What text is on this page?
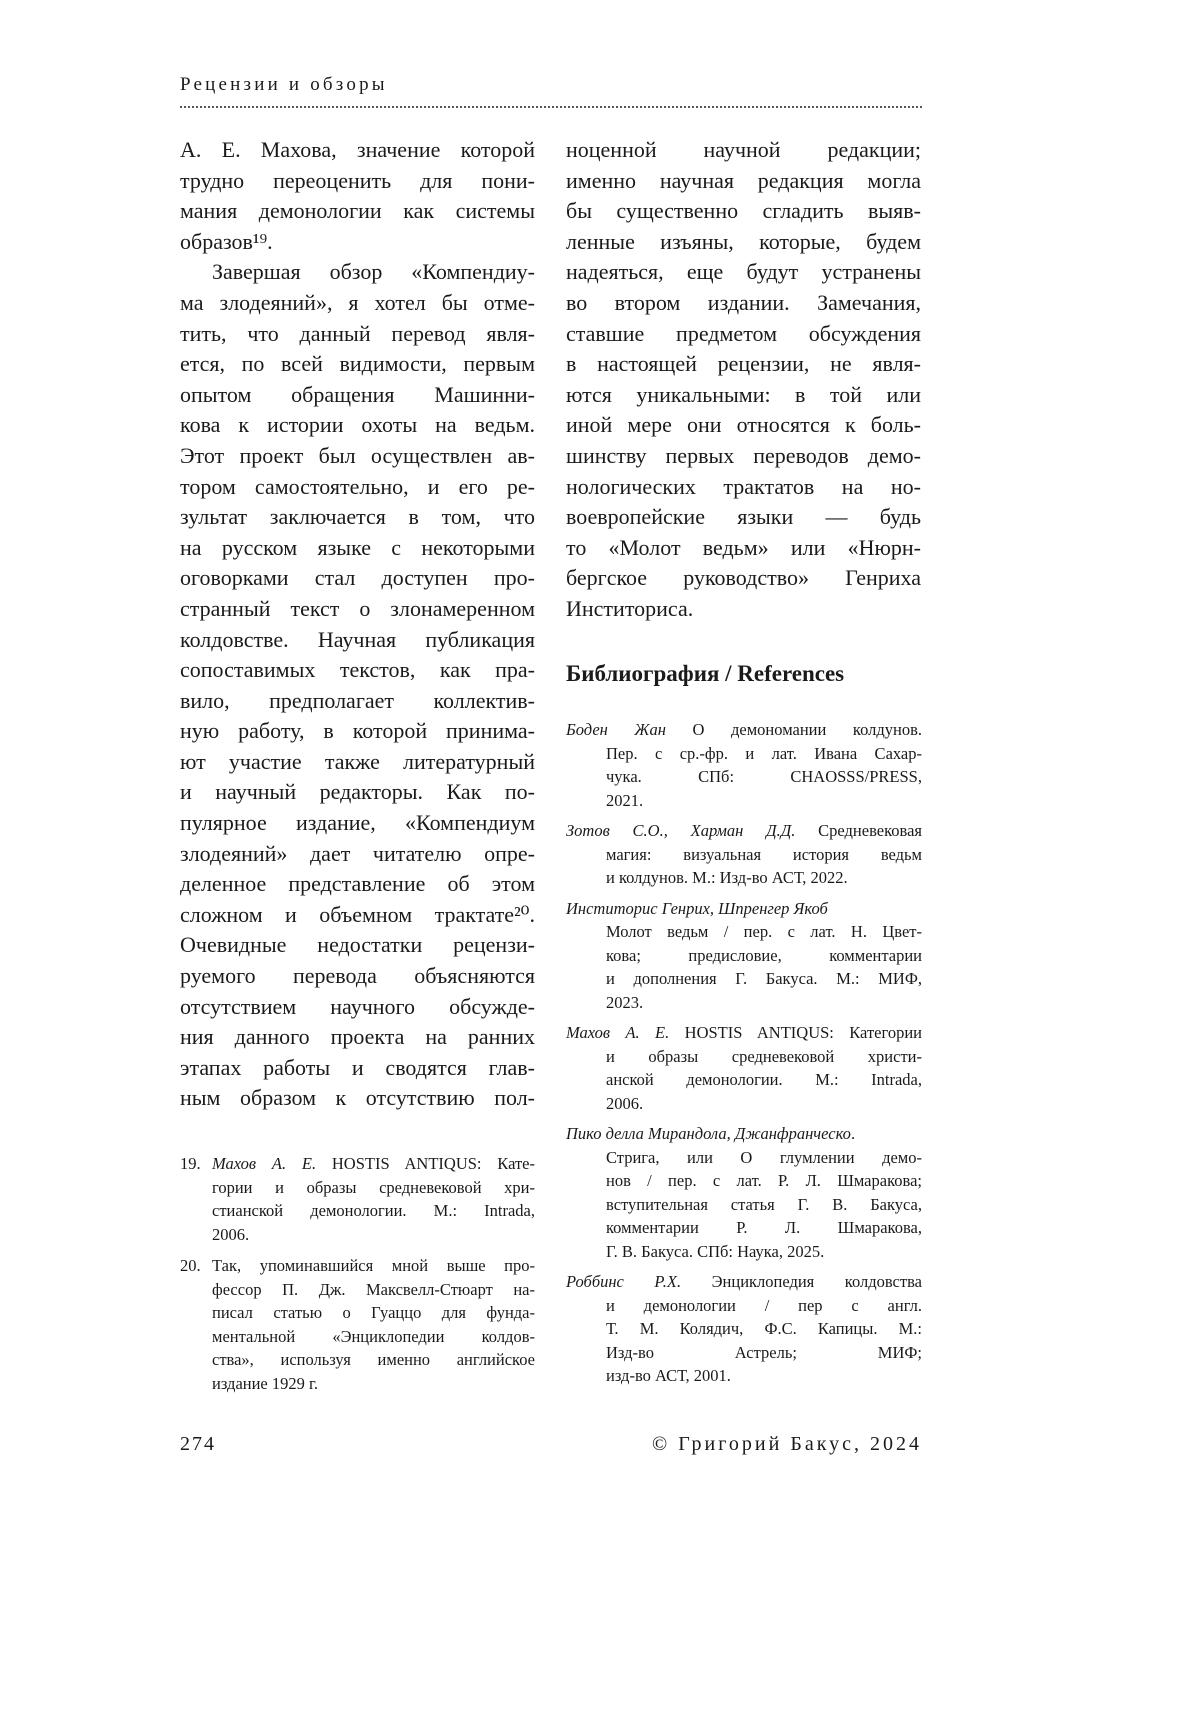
Рецензии и обзоры
А. Е. Махова, значение которой
трудно переоценить для пони-
мания демонологии как системы
образов¹⁹.
Завершая обзор «Компендиу-
ма злодеяний», я хотел бы отме-
тить, что данный перевод явля-
ется, по всей видимости, первым
опытом обращения Машинни-
кова к истории охоты на ведьм.
Этот проект был осуществлен ав-
тором самостоятельно, и его ре-
зультат заключается в том, что
на русском языке с некоторыми
оговорками стал доступен про-
странный текст о злонамеренном
колдовстве. Научная публикация
сопоставимых текстов, как пра-
вило, предполагает коллектив-
ную работу, в которой принима-
ют участие также литературный
и научный редакторы. Как по-
пулярное издание, «Компендиум
злодеяний» дает читателю опре-
деленное представление об этом
сложном и объемном трактате²⁰.
Очевидные недостатки рецензи-
руемого перевода объясняются
отсутствием научного обсужде-
ния данного проекта на ранних
этапах работы и сводятся глав-
ным образом к отсутствию пол-
ноценной научной редакции;
именно научная редакция могла
бы существенно сгладить выяв-
ленные изъяны, которые, будем
надеяться, еще будут устранены
во втором издании. Замечания,
ставшие предметом обсуждения
в настоящей рецензии, не явля-
ются уникальными: в той или
иной мере они относятся к боль-
шинству первых переводов демо-
нологических трактатов на но-
воевропейские языки — будь
то «Молот ведьм» или «Нюрн-
бергское руководство» Генриха
Инститориса.
Библиография / References
Боден Жан О демономании колдунов.
Пер. с ср.-фр. и лат. Ивана Сахар-
чука. СПб: CHAOSSS/PRESS,
2021.
Зотов С.О., Харман Д.Д. Средневековая
магия: визуальная история ведьм
и колдунов. М.: Изд-во АСТ, 2022.
Инститорис Генрих, Шпренгер Якоб
Молот ведьм / пер. с лат. Н. Цвет-
кова; предисловие, комментарии
и дополнения Г. Бакуса. М.: МИФ,
2023.
Махов А. Е. HOSTIS ANTIQUS: Категории
и образы средневековой христи-
анской демонологии. М.: Intrada,
2006.
Пико делла Мирандола, Джанфранческо.
Стрига, или О глумлении демо-
нов / пер. с лат. Р. Л. Шмаракова;
вступительная статья Г. В. Бакуса,
комментарии Р. Л. Шмаракова,
Г. В. Бакуса. СПб: Наука, 2025.
Роббинс Р.Х. Энциклопедия колдовства
и демонологии / пер с англ.
Т. М. Колядич, Ф.С. Капицы. М.:
Изд-во Астрель; МИФ;
изд-во АСТ, 2001.
19. Махов А. Е. HOSTIS ANTIQUS: Кате-
гории и образы средневековой хри-
стианской демонологии. М.: Intrada,
2006.
20. Так, упоминавшийся мной выше про-
фессор П. Дж. Максвелл-Стюарт на-
писал статью о Гуаццо для фунда-
ментальной «Энциклопедии колдов-
ства», используя именно английское
издание 1929 г.
274	© Григорий Бакус, 2024
